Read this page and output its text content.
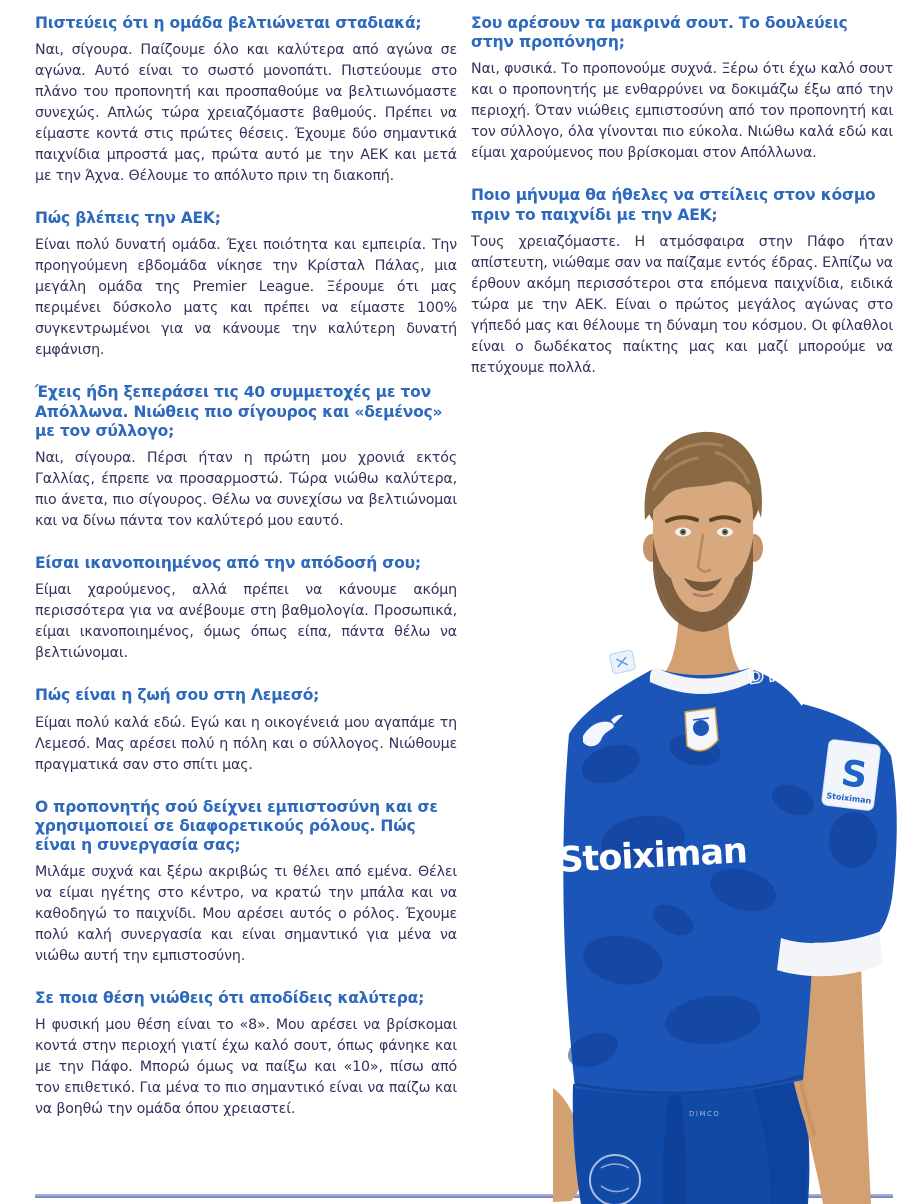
Πιστεύεις ότι η ομάδα βελτιώνεται σταδιακά;

Ναι, σίγουρα. Παίζουμε όλο και καλύτερα από αγώνα σε αγώνα. Αυτό είναι το σωστό μονοπάτι. Πιστεύουμε στο πλάνο του προπονητή και προσπαθούμε να βελτιωνόμαστε συνεχώς. Απλώς τώρα χρειαζόμαστε βαθμούς. Πρέπει να είμαστε κοντά στις πρώτες θέσεις. Έχουμε δύο σημαντικά παιχνίδια μπροστά μας, πρώτα αυτό με την ΑΕΚ και μετά με την Άχνα. Θέλουμε το απόλυτο πριν τη διακοπή.

Πώς βλέπεις την ΑΕΚ;

Είναι πολύ δυνατή ομάδα. Έχει ποιότητα και εμπειρία. Την προηγούμενη εβδομάδα νίκησε την Κρίσταλ Πάλας, μια μεγάλη ομάδα της Premier League. Ξέρουμε ότι μας περιμένει δύσκολο ματς και πρέπει να είμαστε 100% συγκεντρωμένοι για να κάνουμε την καλύτερη δυνατή εμφάνιση.

Έχεις ήδη ξεπεράσει τις 40 συμμετοχές με τον Απόλλωνα. Νιώθεις πιο σίγουρος και «δεμένος» με τον σύλλογο;

Ναι, σίγουρα. Πέρσι ήταν η πρώτη μου χρονιά εκτός Γαλλίας, έπρεπε να προσαρμοστώ. Τώρα νιώθω καλύτερα, πιο άνετα, πιο σίγουρος. Θέλω να συνεχίσω να βελτιώνομαι και να δίνω πάντα τον καλύτερό μου εαυτό.

Είσαι ικανοποιημένος από την απόδοσή σου;

Είμαι χαρούμενος, αλλά πρέπει να κάνουμε ακόμη περισσότερα για να ανέβουμε στη βαθμολογία. Προσωπικά, είμαι ικανοποιημένος, όμως όπως είπα, πάντα θέλω να βελτιώνομαι.

Πώς είναι η ζωή σου στη Λεμεσό;

Είμαι πολύ καλά εδώ. Εγώ και η οικογένειά μου αγαπάμε τη Λεμεσό. Μας αρέσει πολύ η πόλη και ο σύλλογος. Νιώθουμε πραγματικά σαν στο σπίτι μας.

Ο προπονητής σού δείχνει εμπιστοσύνη και σε χρησιμοποιεί σε διαφορετικούς ρόλους. Πώς είναι η συνεργασία σας;

Μιλάμε συχνά και ξέρω ακριβώς τι θέλει από εμένα. Θέλει να είμαι ηγέτης στο κέντρο, να κρατώ την μπάλα και να καθοδηγώ το παιχνίδι. Μου αρέσει αυτός ο ρόλος. Έχουμε πολύ καλή συνεργασία και είναι σημαντικό για μένα να νιώθω αυτή την εμπιστοσύνη.

Σε ποια θέση νιώθεις ότι αποδίδεις καλύτερα;

Η φυσική μου θέση είναι το «8». Μου αρέσει να βρίσκομαι κοντά στην περιοχή γιατί έχω καλό σουτ, όπως φάνηκε και με την Πάφο. Μπορώ όμως να παίξω και «10», πίσω από τον επιθετικό. Για μένα το πιο σημαντικό είναι να παίζω και να βοηθώ την ομάδα όπου χρειαστεί.

Σου αρέσουν τα μακρινά σουτ. Το δουλεύεις στην προπόνηση;

Ναι, φυσικά. Το προπονούμε συχνά. Ξέρω ότι έχω καλό σουτ και ο προπονητής με ενθαρρύνει να δοκιμάζω έξω από την περιοχή. Όταν νιώθεις εμπιστοσύνη από τον προπονητή και τον σύλλογο, όλα γίνονται πιο εύκολα. Νιώθω καλά εδώ και είμαι χαρούμενος που βρίσκομαι στον Απόλλωνα.

Ποιο μήνυμα θα ήθελες να στείλεις στον κόσμο πριν το παιχνίδι με την ΑΕΚ;

Τους χρειαζόμαστε. Η ατμόσφαιρα στην Πάφο ήταν απίστευτη, νιώθαμε σαν να παίζαμε εντός έδρας. Ελπίζω να έρθουν ακόμη περισσότεροι στα επόμενα παιχνίδια, ειδικά τώρα με την ΑΕΚ. Είναι ο πρώτος μεγάλος αγώνας στο γήπεδό μας και θέλουμε τη δύναμη του κόσμου. Οι φίλαθλοι είναι ο δωδέκατος παίκτης μας και μαζί μπορούμε να πετύχουμε πολλά.

DIMCO
Stoiximan
S
Stoiximan
DIMCO
